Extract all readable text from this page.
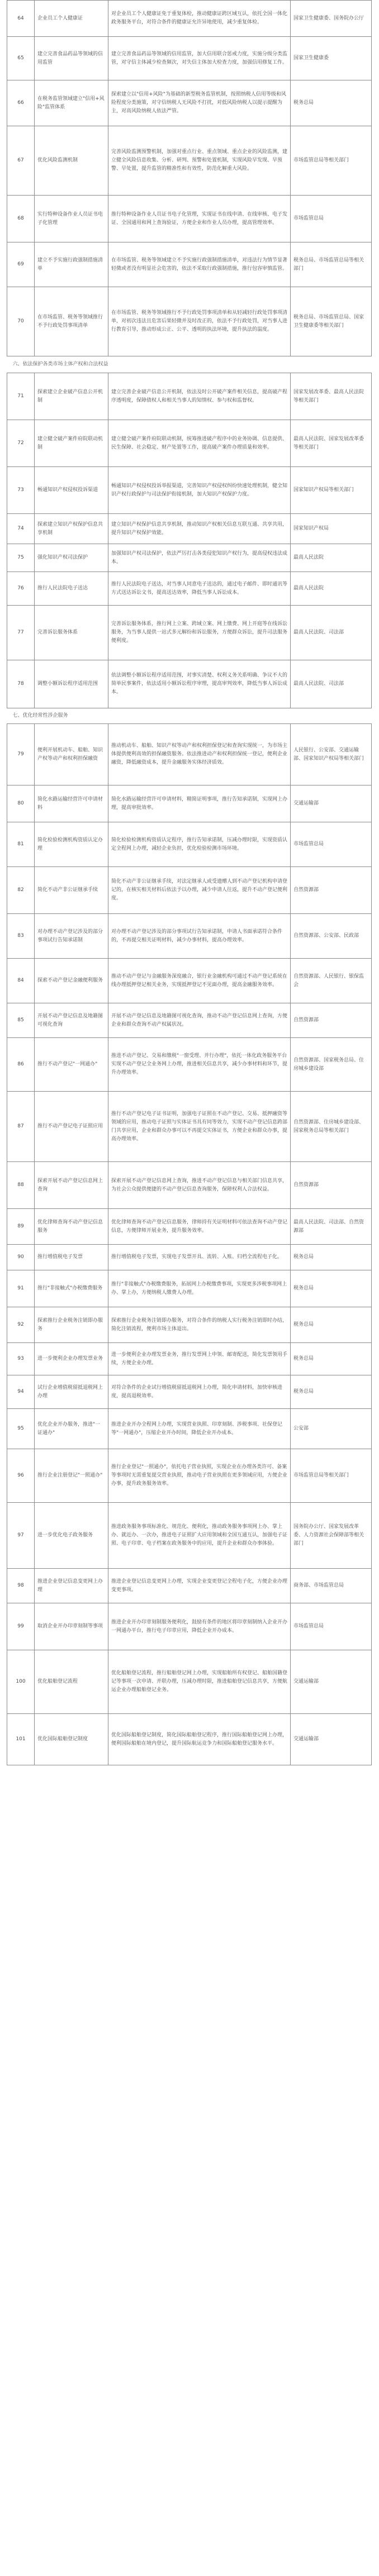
64	企业员工个人健康证	对企业员工个人健康证免于重复体检，推动健康证跨区域互认，依托全国一体化政务服务平台，对符合条件的健康证允许异地使用，减少重复体检。	国家卫生健康委、国务院办公厅
65	建立完善食品药品等领域的信用监管	建立完善食品药品等领域的信用监管，加大信用联合惩戒力度，实施分级分类监管，对守信主体减少检查频次，对失信主体加大检查力度，加强信用修复工作。	国家卫生健康委
66	在税务监管领域建立"信用+风险"监管体系	探索建立以"信用+风险"为基础的新型税务监管机制，按照纳税人信用等级和风险程度分类施策，对守信纳税人无风险不打扰，对低风险纳税人以提示提醒为主，对高风险纳税人依法严管。	税务总局
67	优化风险监测机制	完善风险监测预警机制，加强对重点行业、重点领域、重点企业的风险监测，建立健全风险信息收集、分析、研判、预警和处置机制，实现风险早发现、早预警、早处置，提升监管的精准性和有效性，防范化解重大风险。	市场监管总局等相关部门
68	实行特种设备作业人员证书电子化管理	推行特种设备作业人员证书电子化管理，实现证书在线申请、在线审核、电子发证、全国通用和网上查询验证，方便企业和作业人员办理，提高管理效率。	市场监管总局
69	建立不予实施行政强制措施清单	在市场监管、税务等领域建立不予实施行政强制措施清单，对违法行为情节显著轻微或者没有明显社会危害的，依法不采取行政强制措施，推行包容审慎监管。	税务总局、市场监管总局等相关部门
70	在市场监管、税务等领域推行不予行政处罚事项清单	在市场监管、税务等领域推行不予行政处罚事项清单和从轻减轻行政处罚事项清单，对初次违法且危害后果轻微并及时改正的，依法不予行政处罚，对当事人进行教育引导，推动形成公正、公平、透明的执法环境，提升执法的温度。	税务总局、市场监管总局、国家卫生健康委等相关部门
六、依法保护各类市场主体产权和合法权益			
71	探索建立企业破产信息公开机制	建立完善企业破产信息公开机制，依法及时公开破产案件相关信息，提高破产程序透明度，保障债权人和相关当事人的知情权、参与权和监督权。	国家发展改革委、最高人民法院等相关部门
72	建立健全破产案件府院联动机制	建立健全破产案件府院联动机制，统筹推进破产程序中的业务协调、信息提供、民生保障、社会稳定、财产处置等工作，提高破产案件办理质量和效率。	最高人民法院、国家发展改革委等相关部门
73	畅通知识产权侵权投诉渠道	畅通知识产权侵权投诉举报渠道，完善知识产权侵权纠纷快速处理机制，健全知识产权行政保护与司法保护衔接机制，加大知识产权保护力度。	国家知识产权局等相关部门
74	探索建立知识产权保护信息共享机制	建立知识产权保护信息共享机制，推动知识产权相关信息互联互通、共享共用，提升知识产权保护效能。	国家知识产权局
75	强化知识产权司法保护	加强知识产权司法保护，依法严厉打击各类侵犯知识产权行为，提高侵权违法成本。	最高人民法院
76	推行人民法院电子送达	推行人民法院电子送达，对当事人同意电子送达的，通过电子邮件、即时通讯等方式送达诉讼文书，提高送达效率，降低当事人诉讼成本。	最高人民法院
77	完善诉讼服务体系	完善诉讼服务体系，推行网上立案、跨域立案、网上缴费、网上开庭等在线诉讼服务，为当事人提供一站式多元解纷和诉讼服务，方便群众诉讼，提升司法服务便利度。	最高人民法院、司法部
78	调整小额诉讼程序适用范围	依法调整小额诉讼程序适用范围，对事实清楚、权利义务关系明确、争议不大的简单民事案件，依法适用小额诉讼程序审理，提高审判效率，降低当事人诉讼成本。	最高人民法院、司法部
七、优化经常性涉企服务			
79	便利开展机动车、船舶、知识产权等动产和权利担保融资	推动机动车、船舶、知识产权等动产和权利担保登记和查询实现统一，为市场主体提供便利高效的担保融资服务。依法推进动产和权利担保统一登记，便利企业融资，降低融资成本，提升金融服务实体经济质效。	人民银行、公安部、交通运输部、国家知识产权局等相关部门
80	简化水路运输经营许可申请材料	简化水路运输经营许可申请材料，精简证明事项，推行告知承诺制，实现网上办理，提高审批效率。	交通运输部
81	简化检验检测机构资质认定办理	简化检验检测机构资质认定程序，推行告知承诺制，压减办理时限，实现资质认定全程网上办理，减轻企业负担，优化检验检测市场环境。	市场监管总局
82	简化不动产非公证继承手续	简化不动产非公证继承手续，对法定继承人或受遗赠人到不动产登记机构申请登记的，在核实相关材料后依法予以办理，减少申请人往返，提升不动产登记便利度。	自然资源部
83	对办理不动产登记涉及的部分事项试行告知承诺制	对办理不动产登记涉及的部分事项试行告知承诺制，申请人书面承诺符合条件的，不再提交相关证明材料，减少办事材料，提高办理效率。	自然资源部、公安部、民政部
84	探索不动产登记金融便利服务	推动不动产登记与金融服务深度融合，银行业金融机构可通过不动产登记系统在线办理抵押登记相关业务，实现抵押登记不见面办理，提高金融服务效率。	自然资源部、人民银行、银保监会
85	开展不动产登记信息及地籍图可视化查询	开展不动产登记信息及地籍图可视化查询，推动不动产登记信息网上查询，方便企业和群众查询不动产权属状况。	自然资源部
86	推行不动产登记"一网通办"	推进不动产登记、交易和缴税"一窗受理、并行办理"，依托一体化政务服务平台实现不动产登记全业务网上办理，推进相关信息共享，减少办事材料和环节，提升办理效率。	自然资源部、国家税务总局、住房城乡建设部
87	推行不动产登记电子证照应用	推行不动产登记电子证书证明，加强电子证照在不动产登记、交易、抵押融资等领域的应用，推动电子证照与实体证书具有同等效力，实现不动产登记信息跨部门共享应用，企业和群众办事可以不再提交实体证书，方便企业和群众办事，提高办理效率。	自然资源部、住房城乡建设部、国家税务总局等相关部门
88	探索开展不动产登记信息网上查询	探索开展不动产登记信息网上查询，推进不动产登记信息与相关部门信息共享，为社会公众提供便捷的不动产登记信息查询服务，保障权利人合法权益。	自然资源部
89	优化律师查询不动产登记信息服务	优化律师查询不动产登记信息服务，律师持有关证明材料可依法查询不动产登记信息，方便律师开展业务，提升服务效率。	最高人民法院、司法部、自然资源部
90	推行增值税电子发票	推行增值税电子发票，实现电子发票开具、流转、入账、归档全流程电子化。	税务总局
91	推行"非接触式"办税缴费服务	推行"非接触式"办税缴费服务，拓展网上办税缴费事项，实现更多涉税事项网上办、掌上办，方便纳税人缴费人办理。	税务总局
92	探索推行企业税务注销即办服务	探索推行企业税务注销即办服务，对符合条件的纳税人实行税务注销即时办结，简化注销流程，便利市场主体退出。	税务总局
93	进一步便利企业办理发票业务	进一步便利企业办理发票业务，推行发票网上申领、邮寄配送，简化发票领用手续，方便企业办理。	税务总局
94	试行企业增值税留抵退税网上办理	对符合条件的企业试行增值税留抵退税网上办理，简化申请材料，加快审核进度，提高退税效率。	税务总局
95	优化企业开办服务，推进"一证通办"	推进企业开办全程网上办理，实现营业执照、印章刻制、涉税事项、社保登记等"一网通办"，压缩企业开办时间，降低企业开办成本。	公安部
96	推行企业注册登记"一照通办"	推行企业登记"一照通办"，依托电子营业执照，实现企业在办理各类许可、备案等事项时无需重复提交营业执照，推动电子营业执照在更多领域应用，方便企业办事，提升政务服务效率。	市场监管总局等相关部门
97	进一步优化电子政务服务	推进政务服务事项标准化、规范化、便利化，推动政务服务事项网上办、掌上办、就近办、一次办，推进电子证照扩大应用领域和全国互通互认，加强电子证照、电子印章、电子档案在政务服务中的应用，提升企业和群众办事体验。	国务院办公厅、国家发展改革委、人力资源社会保障部等相关部门
98	推进企业登记信息变更网上办理	推进企业登记信息变更网上办理，实现企业变更登记全程电子化，方便企业办理变更事项。	商务部、市场监管总局
99	取消企业开办印章刻制等事项	推进企业开办印章刻制服务便利化，鼓励有条件的地区将印章刻制纳入企业开办一网通办平台，推行电子印章应用，降低企业开办成本。	市场监管总局
100	优化船舶登记流程	优化船舶登记流程，推行船舶登记网上办理，实现船舶所有权登记、船舶国籍登记等事项一次申请、并联办理，压减办理时限，推进船舶登记信息共享，方便航运企业办理船舶登记业务。	交通运输部
101	优化国际船舶登记制度	优化国际船舶登记制度，简化国际船舶登记程序，推行国际船舶登记网上办理，便利国际船舶在境内登记，提升国际航运竞争力和国际船舶登记服务水平。	交通运输部
